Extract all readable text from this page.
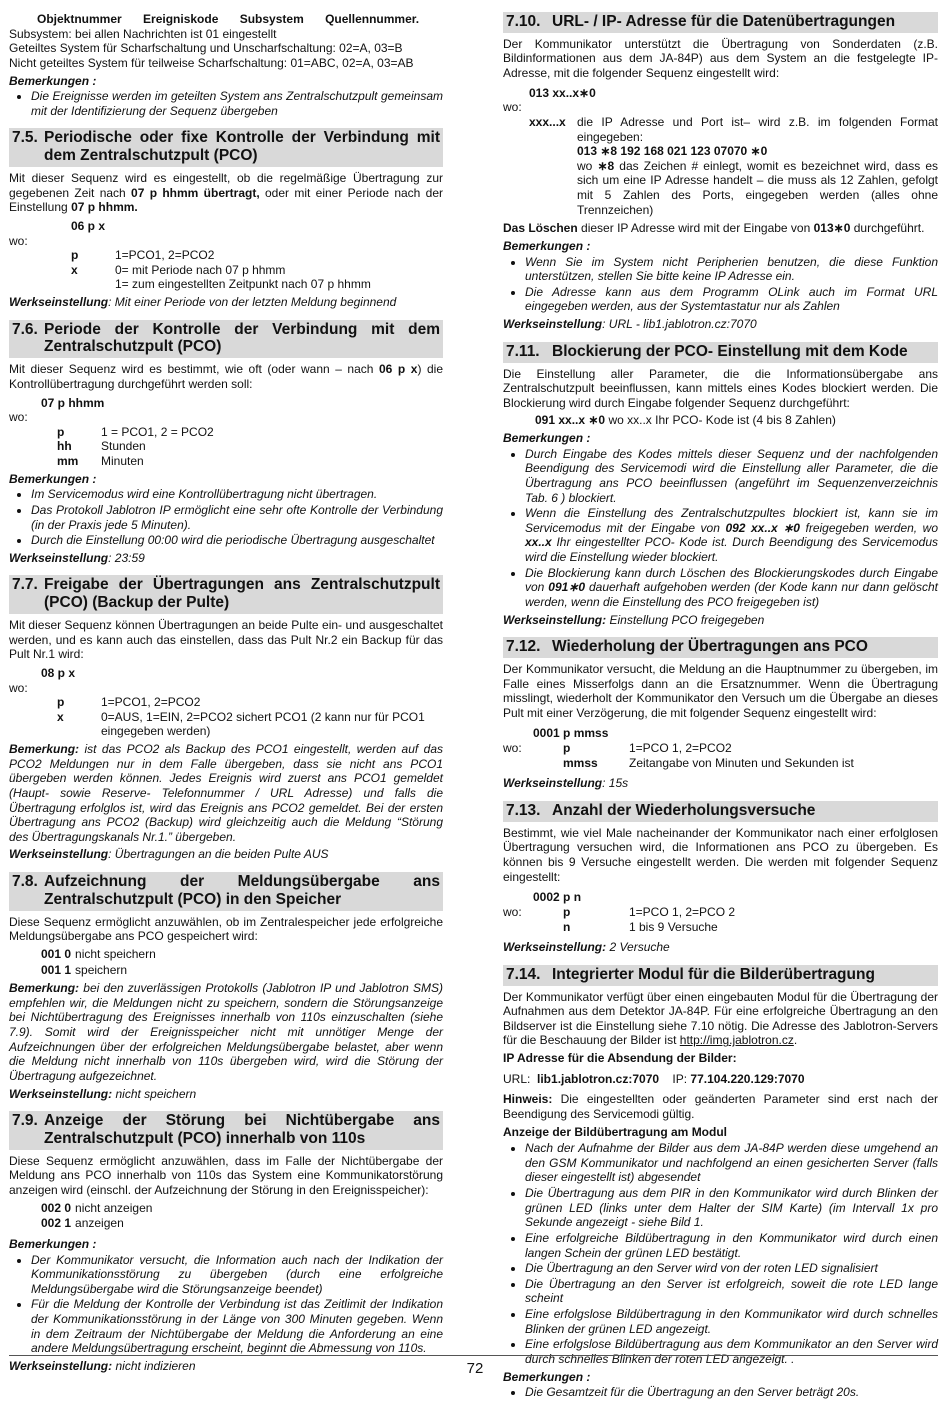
Objektnummer Ereigniskode Subsystem Quellennummer.
Subsystem: bei allen Nachrichten ist 01 eingestellt
Geteiltes System für Scharfschaltung und Unscharfschaltung: 02=A, 03=B
Nicht geteiltes System für teilweise Scharfschaltung: 01=ABC, 02=A, 03=AB
Bemerkungen :
• Die Ereignisse werden im geteilten System ans Zentralschutzpult gemeinsam mit der Identifizierung der Sequenz übergeben
7.5. Periodische oder fixe Kontrolle der Verbindung mit dem Zentralschutzpult (PCO)

Mit dieser Sequenz wird es eingestellt, ob die regelmäßige Übertragung zur gegebenen Zeit nach 07 p hhmm übertragt, oder mit einer Periode nach der Einstellung 07 p hhmm.

06 p x
wo:
p	1=PCO1, 2=PCO2
x	0= mit Periode nach 07 p hhmm
	1= zum eingestellten Zeitpunkt nach 07 p hhmm
Werkseinstellung: Mit einer Periode von der letzten Meldung beginnend
7.6. Periode der Kontrolle der Verbindung mit dem Zentralschutzpult (PCO)

Mit dieser Sequenz wird es bestimmt, wie oft (oder wann – nach 06 p x) die Kontrollübertragung durchgeführt werden soll:

07 p hhmm
wo:
p	1 = PCO1, 2 = PCO2
hh	Stunden
mm	Minuten
Bemerkungen :
• Im Servicemodus wird eine Kontrollübertragung nicht übertragen.
• Das Protokoll Jablotron IP ermöglicht eine sehr ofte Kontrolle der Verbindung (in der Praxis jede 5 Minuten).
• Durch die Einstellung 00:00 wird die periodische Übertragung ausgeschaltet
Werkseinstellung: 23:59
7.7. Freigabe der Übertragungen ans Zentralschutzpult (PCO) (Backup der Pulte)

Mit dieser Sequenz können Übertragungen an beide Pulte ein- und ausgeschaltet werden, und es kann auch das einstellen, dass das Pult Nr.2 ein Backup für das Pult Nr.1 wird:

08 p x
wo:
p	1=PCO1, 2=PCO2
x	0=AUS, 1=EIN, 2=PCO2 sichert PCO1 (2 kann nur für PCO1 eingegeben werden)

Bemerkung: ist das PCO2 als Backup des PCO1 eingestellt, werden auf das PCO2 Meldungen nur in dem Falle übergeben, dass sie nicht ans PCO1 übergeben werden können. Jedes Ereignis wird zuerst ans PCO1 gemeldet (Haupt- sowie Reserve- Telefonnummer / URL Adresse) und falls die Übertragung erfolglos ist, wird das Ereignis ans PCO2 gemeldet. Bei der ersten Übertragung ans PCO2 (Backup) wird gleichzeitig auch die Meldung “Störung des Übertragungskanals Nr.1.” übergeben.

Werkseinstellung: Übertragungen an die beiden Pulte AUS
7.8. Aufzeichnung der Meldungsübergabe ans Zentralschutzpult (PCO) in den Speicher

Diese Sequenz ermöglicht anzuwählen, ob im Zentralespeicher jede erfolgreiche Meldungsübergabe ans PCO gespeichert wird:

001 0 nicht speichern
001 1 speichern

Bemerkung: bei den zuverlässigen Protokolls (Jablotron IP und Jablotron SMS) empfehlen wir, die Meldungen nicht zu speichern, sondern die Störungsanzeige bei Nichtübertragung des Ereignisses innerhalb von 110s einzuschalten (siehe 7.9). Somit wird der Ereignisspeicher nicht mit unnötiger Menge der Aufzeichnungen über der erfolgreichen Meldungsübergabe belastet, aber wenn die Meldung nicht innerhalb von 110s übergeben wird, wird die Störung der Übertragung aufgezeichnet.

Werkseinstellung: nicht speichern
7.9. Anzeige der Störung bei Nichtübergabe ans Zentralschutzpult (PCO) innerhalb von 110s

Diese Sequenz ermöglicht anzuwählen, dass im Falle der Nichtübergabe der Meldung ans PCO innerhalb von 110s das System eine Kommunikatorstörung anzeigen wird (einschl. der Aufzeichnung der Störung in den Ereignisspeicher):

002 0 nicht anzeigen
002 1 anzeigen
Bemerkungen :
• Der Kommunikator versucht, die Information auch nach der Indikation der Kommunikationsstörung zu übergeben (durch eine erfolgreiche Meldungsübergabe wird die Störungsanzeige beendet)
• Für die Meldung der Kontrolle der Verbindung ist das Zeitlimit der Indikation der Kommunikationsstörung in der Länge von 300 Minuten gegeben. Wenn in dem Zeitraum der Nichtübergabe der Meldung die Anforderung an eine andere Meldungsübertragung erscheint, beginnt die Abmessung von 110s.
Werkseinstellung: nicht indizieren
7.10. URL- / IP- Adresse für die Datenübertragungen

Der Kommunikator unterstützt die Übertragung von Sonderdaten (z.B. Bildinformationen aus dem JA-84P) aus dem System an die festgelegte IP-Adresse, mit die folgender Sequenz eingestellt wird:

013 xx..x∗0
wo:
xxx...x die IP Adresse und Port ist– wird z.B. im folgenden Format eingegeben:
013 ∗8 192 168 021 123 07070 ∗0
wo ∗8 das Zeichen # einlegt, womit es bezeichnet wird, dass es sich um eine IP Adresse handelt – die muss als 12 Zahlen, gefolgt mit 5 Zahlen des Ports, eingegeben werden (alles ohne Trennzeichen)

Das Löschen dieser IP Adresse wird mit der Eingabe von 013∗0 durchgeführt.

Bemerkungen :
• Wenn Sie im System nicht Peripherien benutzen, die diese Funktion unterstützen, stellen Sie bitte keine IP Adresse ein.
• Die Adresse kann aus dem Programm OLink auch im Format URL eingegeben werden, aus der Systemtastatur nur als Zahlen
Werkseinstellung: URL - lib1.jablotron.cz:7070
7.11. Blockierung der PCO- Einstellung mit dem Kode

Die Einstellung aller Parameter, die die Informationsübergabe ans Zentralschutzpult beeinflussen, kann mittels eines Kodes blockiert werden. Die Blockierung wird durch Eingabe folgender Sequenz durchgeführt:

091 xx..x ∗0 wo xx..x Ihr PCO- Kode ist (4 bis 8 Zahlen)
Bemerkungen :
• Durch Eingabe des Kodes mittels dieser Sequenz und der nachfolgenden Beendigung des Servicemodi wird die Einstellung aller Parameter, die die Übertragung ans PCO beeinflussen (angeführt im Sequenzenverzeichnis Tab. 6 ) blockiert.
• Wenn die Einstellung des Zentralschutzpultes blockiert ist, kann sie im Servicemodus mit der Eingabe von 092 xx..x ∗0 freigegeben werden, wo xx..x Ihr eingestellter PCO- Kode ist. Durch Beendigung des Servicemodus wird die Einstellung wieder blockiert.
• Die Blockierung kann durch Löschen des Blockierungskodes durch Eingabe von 091∗0 dauerhaft aufgehoben werden (der Kode kann nur dann gelöscht werden, wenn die Einstellung des PCO freigegeben ist)
Werkseinstellung: Einstellung PCO freigegeben
7.12. Wiederholung der Übertragungen ans PCO

Der Kommunikator versucht, die Meldung an die Hauptnummer zu übergeben, im Falle eines Misserfolgs dann an die Ersatznummer. Wenn die Übertragung misslingt, wiederholt der Kommunikator den Versuch um die Übergabe an dieses Pult mit einer Verzögerung, die mit folgender Sequenz eingestellt wird:

0001 p mmss
wo:	p	1=PCO 1, 2=PCO2
mmss	Zeitangabe von Minuten und Sekunden ist
Werkseinstellung: 15s
7.13. Anzahl der Wiederholungsversuche

Bestimmt, wie viel Male nacheinander der Kommunikator nach einer erfolglosen Übertragung versuchen wird, die Informationen ans PCO zu übergeben. Es können bis 9 Versuche eingestellt werden. Die werden mit folgender Sequenz eingestellt:

0002 p n
wo:	p	1=PCO 1, 2=PCO 2
n	1 bis 9 Versuche
Werkseinstellung: 2 Versuche
7.14. Integrierter Modul für die Bilderübertragung

Der Kommunikator verfügt über einen eingebauten Modul für die Übertragung der Aufnahmen aus dem Detektor JA-84P. Für eine erfolgreiche Übertragung an den Bildserver ist die Einstellung siehe 7.10 nötig. Die Adresse des Jablotron-Servers für die Beschauung der Bilder ist http://img.jablotron.cz.

IP Adresse für die Absendung der Bilder:
URL: lib1.jablotron.cz:7070 IP: 77.104.220.129:7070

Hinweis: Die eingestellten oder geänderten Parameter sind erst nach der Beendigung des Servicemodi gültig.

Anzeige der Bildübertragung am Modul
• Nach der Aufnahme der Bilder aus dem JA-84P werden diese umgehend an den GSM Kommunikator und nachfolgend an einen gesicherten Server (falls dieser eingestellt ist) abgesendet
• Die Übertragung aus dem PIR in den Kommunikator wird durch Blinken der grünen LED (links unter dem Halter der SIM Karte) (im Intervall 1x pro Sekunde angezeigt - siehe Bild 1.
• Eine erfolgreiche Bildübertragung in den Kommunikator wird durch einen langen Schein der grünen LED bestätigt.
• Die Übertragung an den Server wird von der roten LED signalisiert
• Die Übertragung an den Server ist erfolgreich, soweit die rote LED lange scheint
• Eine erfolgslose Bildübertragung in den Kommunikator wird durch schnelles Blinken der grünen LED angezeigt.
• Eine erfolgslose Bildübertragung aus dem Kommunikator an den Server wird durch schnelles Blinken der roten LED angezeigt. .
Bemerkungen :
• Die Gesamtzeit für die Übertragung an den Server beträgt 20s.
72
